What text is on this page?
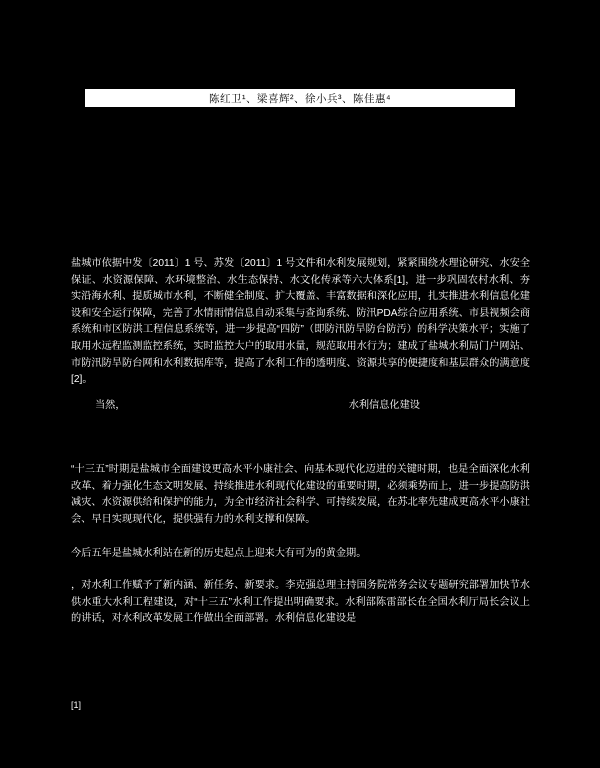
陈红卫¹、梁喜辉²、徐小兵³、陈佳惠⁴
盐城市依据中发〔2011〕1 号、苏发〔2011〕1 号文件和水利发展规划，紧紧围绕水理论研究、水安全保证、水资源保障、水环境整治、水生态保持、水文化传承等六大体系[1]，进一步巩固农村水利、夯实沿海水利、提质城市水利，不断健全制度、扩大覆盖、丰富数据和深化应用，扎实推进水利信息化建设和安全运行保障，完善了水情雨情信息自动采集与查询系统、防汛PDA综合应用系统、市县视频会商系统和市区防洪工程信息系统等，进一步提高“四防”（即防汛防旱防台防汚）的科学决策水平；实施了取用水远程监测监控系统，实时监控大户的取用水量，规范取用水行为；建成了盐城水利局门户网站、市防汛防旱防台网和水利数据库等，提高了水利工作的透明度、资源共享的便捷度和基层群众的满意度[2]。
当然，	水利信息化建设
“十三五”时期是盐城市全面建设更高水平小康社会、向基本现代化迈进的关键时期，也是全面深化水利改革、着力强化生态文明发展、持续推进水利现代化建设的重要时期，必须乘势而上，进一步提高防洪减灾、水资源供给和保护的能力，为全市经济社会科学、可持续发展，在苏北率先建成更高水平小康社会、早日实现现代化，提供强有力的水利支撑和保障。
今后五年是盐城水利站在新的历史起点上迎来大有可为的黄金期。
，对水利工作赋予了新内涵、新任务、新要求。李克强总理主持国务院常务会议专题研究部署加快节水供水重大水利工程建设，对“十三五”水利工作提出明确要求。水利部陈雷部长在全国水利厅局长会议上的讲话，对水利改革发展工作做出全面部署。水利信息化建设是
[1]
